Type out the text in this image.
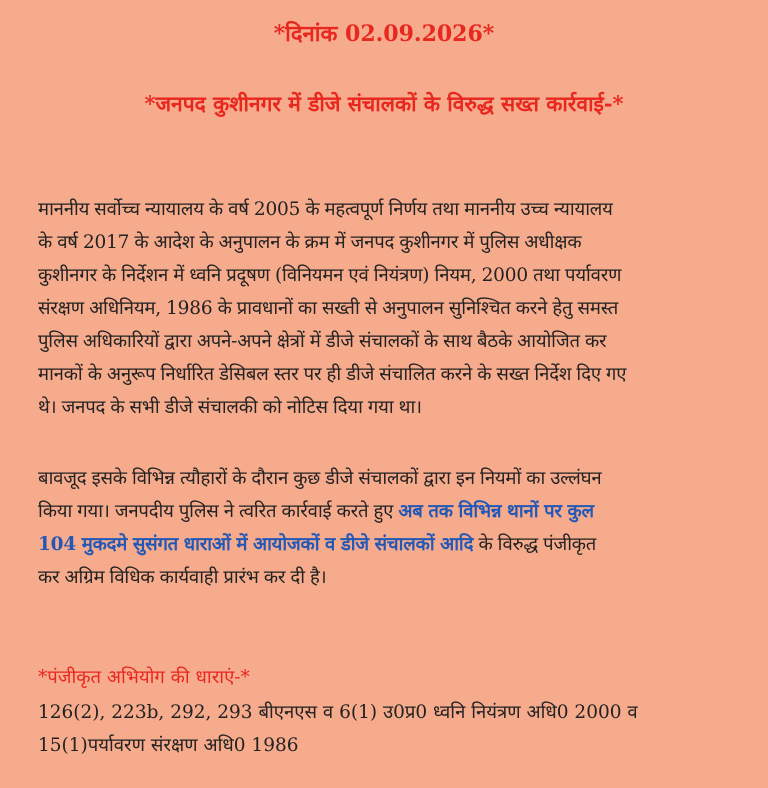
*दिनांक 02.09.2026*
*जनपद कुशीनगर में डीजे संचालकों के विरुद्ध सख्त कार्रवाई-*
माननीय सर्वोच्च न्यायालय के वर्ष 2005 के महत्वपूर्ण निर्णय तथा माननीय उच्च न्यायालय
के वर्ष 2017 के आदेश के अनुपालन के क्रम में जनपद कुशीनगर में पुलिस अधीक्षक
कुशीनगर के निर्देशन में ध्वनि प्रदूषण (विनियमन एवं नियंत्रण) नियम, 2000 तथा पर्यावरण
संरक्षण अधिनियम, 1986 के प्रावधानों का सख्ती से अनुपालन सुनिश्चित करने हेतु समस्त
पुलिस अधिकारियों द्वारा अपने-अपने क्षेत्रों में डीजे संचालकों के साथ बैठके आयोजित कर
मानकों के अनुरूप निर्धारित डेसिबल स्तर पर ही डीजे संचालित करने के सख्त निर्देश दिए गए
थे। जनपद के सभी डीजे संचालकी को नोटिस दिया गया था।
बावजूद इसके विभिन्न त्यौहारों के दौरान कुछ डीजे संचालकों द्वारा इन नियमों का उल्लंघन
किया गया। जनपदीय पुलिस ने त्वरित कार्रवाई करते हुए अब तक विभिन्न थानों पर कुल
104 मुकदमे सुसंगत धाराओं में आयोजकों व डीजे संचालकों आदि के विरुद्ध पंजीकृत
कर अग्रिम विधिक कार्यवाही प्रारंभ कर दी है।
*पंजीकृत अभियोग की धाराएं-*
126(2), 223b, 292, 293 बीएनएस व 6(1) उ0प्र0 ध्वनि नियंत्रण अधि0 2000 व
15(1)पर्यावरण संरक्षण अधि0 1986
